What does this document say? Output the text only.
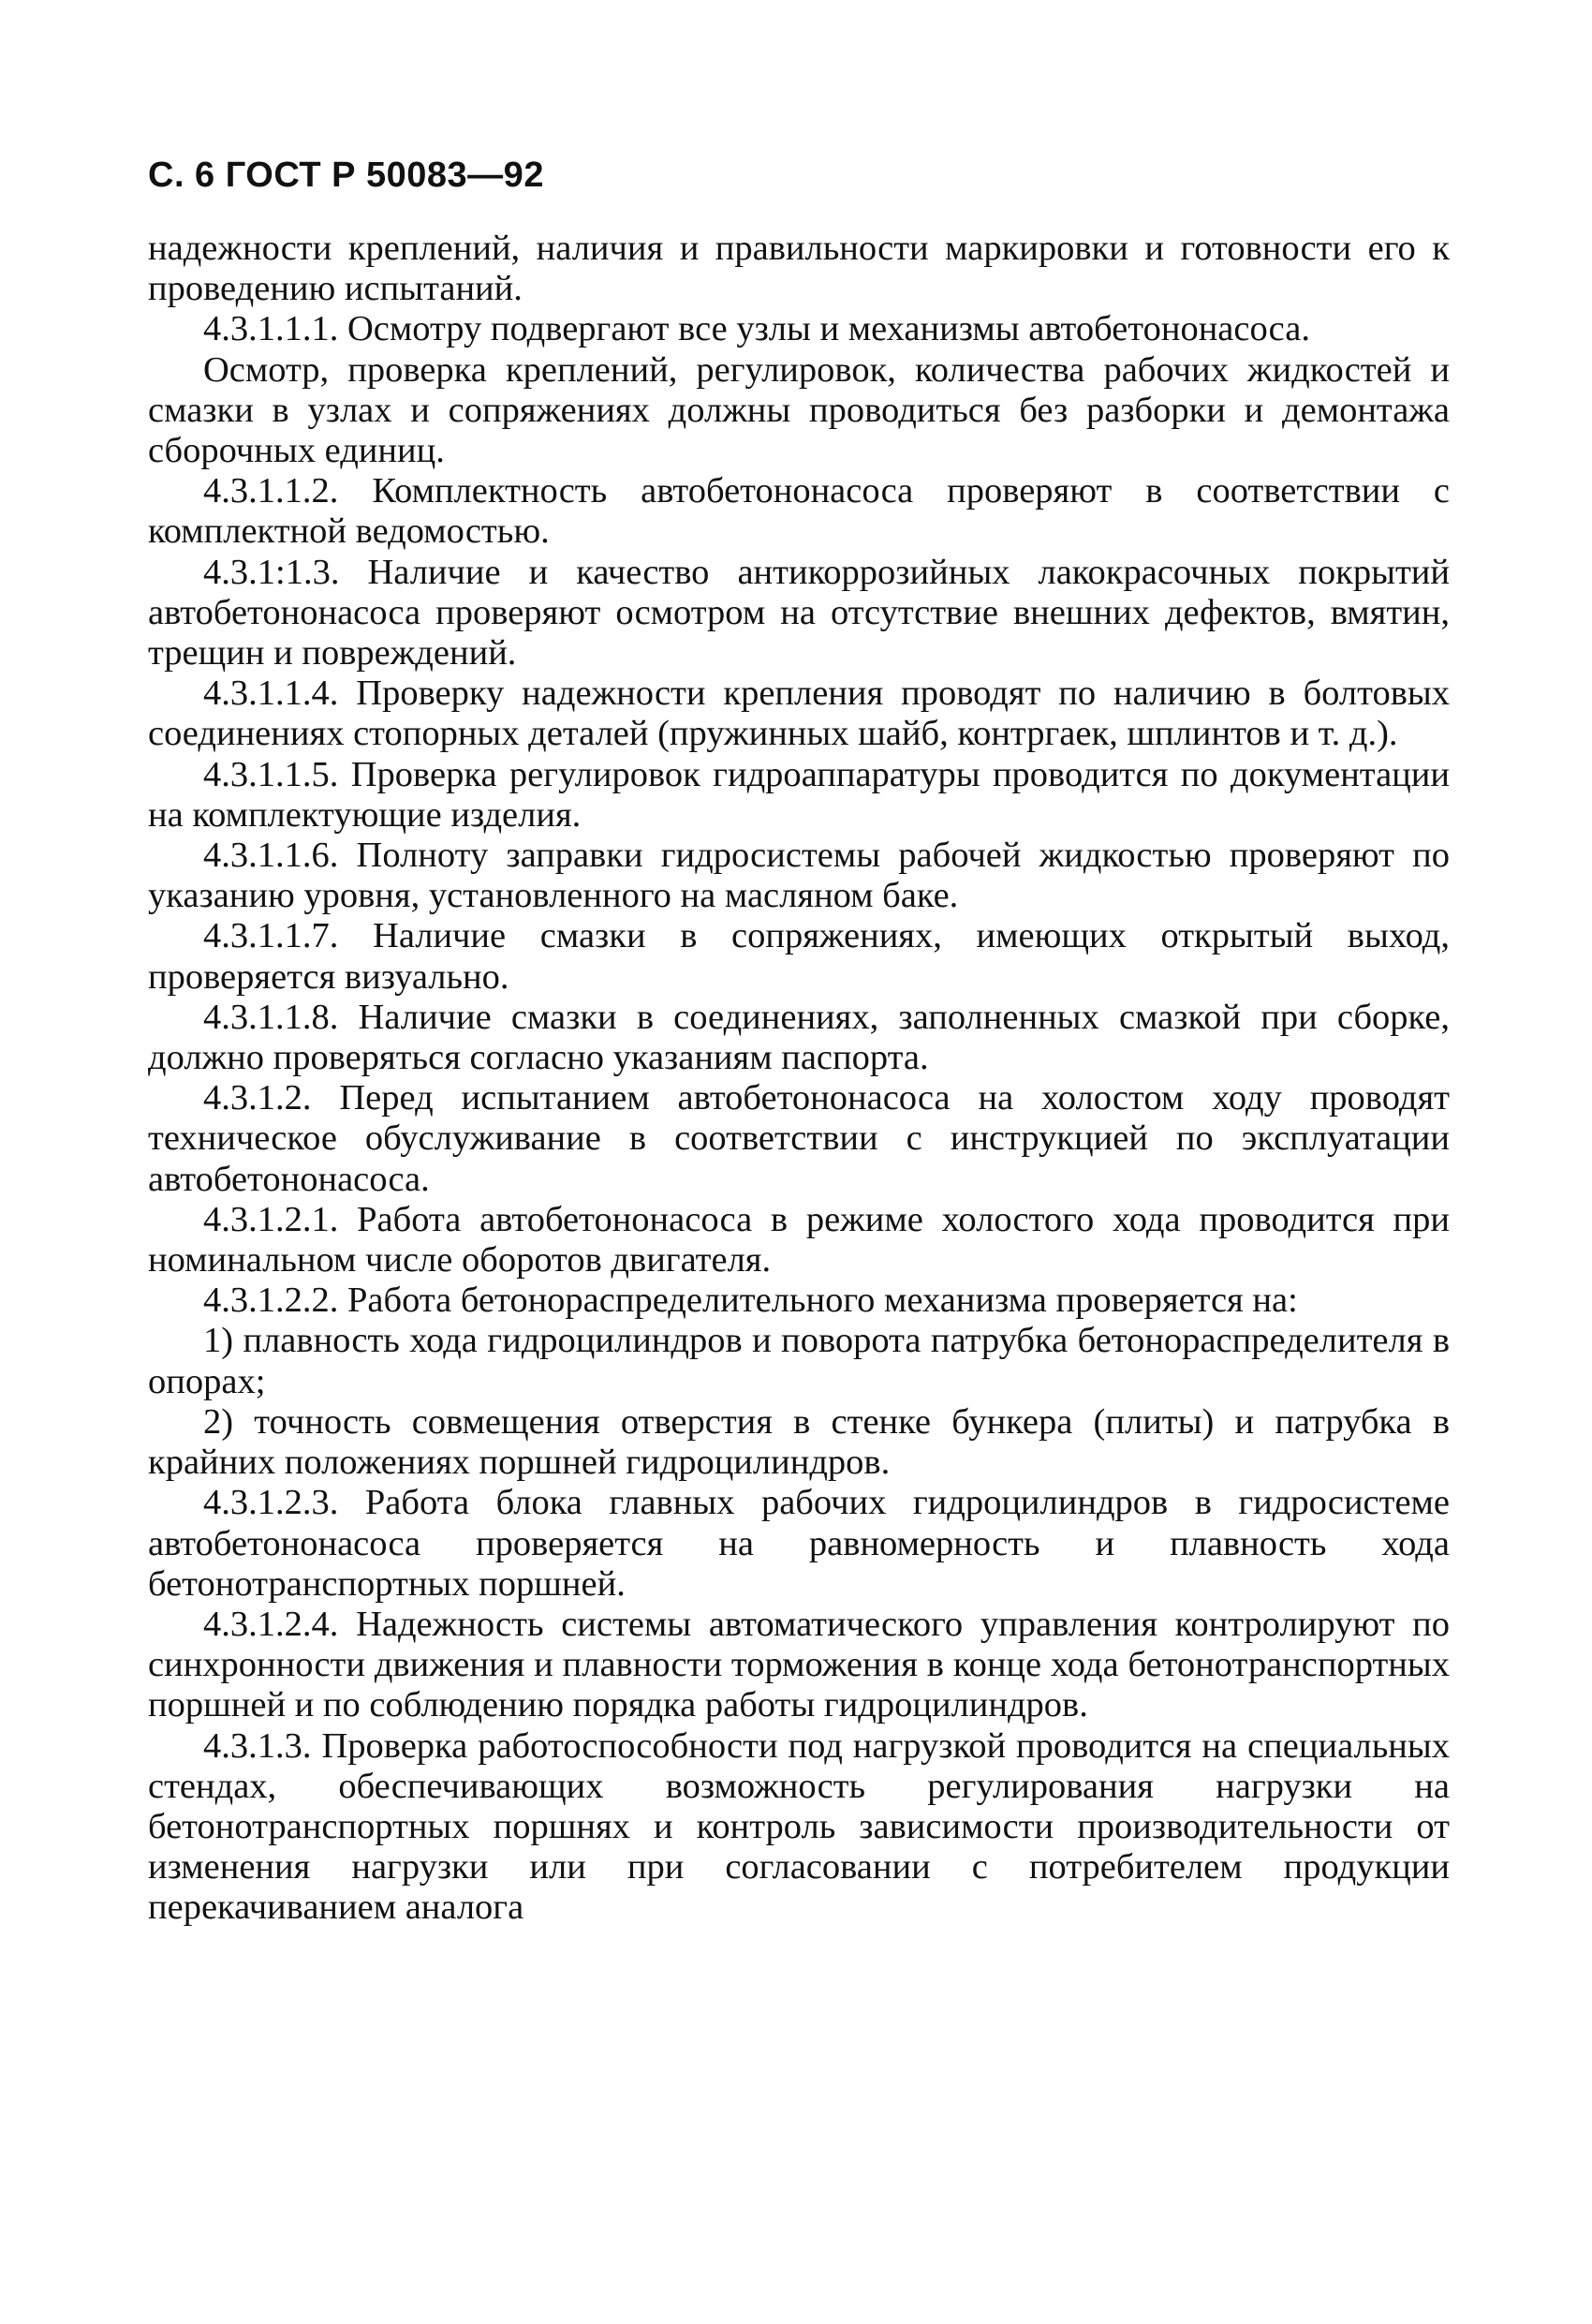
С. 6 ГОСТ Р 50083—92

надежности креплений, наличия и правильности маркировки и готовности его к проведению испытаний.

4.3.1.1.1. Осмотру подвергают все узлы и механизмы автобетононасоса.

Осмотр, проверка креплений, регулировок, количества рабочих жидкостей и смазки в узлах и сопряжениях должны проводиться без разборки и демонтажа сборочных единиц.

4.3.1.1.2. Комплектность автобетононасоса проверяют в соответствии с комплектной ведомостью.

4.3.1:1.3. Наличие и качество антикоррозийных лакокрасочных покрытий автобетононасоса проверяют осмотром на отсутствие внешних дефектов, вмятин, трещин и повреждений.

4.3.1.1.4. Проверку надежности крепления проводят по наличию в болтовых соединениях стопорных деталей (пружинных шайб, контргаек, шплинтов и т. д.).

4.3.1.1.5. Проверка регулировок гидроаппаратуры проводится по документации на комплектующие изделия.

4.3.1.1.6. Полноту заправки гидросистемы рабочей жидкостью проверяют по указанию уровня, установленного на масляном баке.

4.3.1.1.7. Наличие смазки в сопряжениях, имеющих открытый выход, проверяется визуально.

4.3.1.1.8. Наличие смазки в соединениях, заполненных смазкой при сборке, должно проверяться согласно указаниям паспорта.

4.3.1.2. Перед испытанием автобетононасоса на холостом ходу проводят техническое обуслуживание в соответствии с инструкцией по эксплуатации автобетононасоса.

4.3.1.2.1. Работа автобетононасоса в режиме холостого хода проводится при номинальном числе оборотов двигателя.

4.3.1.2.2. Работа бетонораспределительного механизма проверяется на:

1) плавность хода гидроцилиндров и поворота патрубка бетонораспределителя в опорах;

2) точность совмещения отверстия в стенке бункера (плиты) и патрубка в крайних положениях поршней гидроцилиндров.

4.3.1.2.3. Работа блока главных рабочих гидроцилиндров в гидросистеме автобетононасоса проверяется на равномерность и плавность хода бетонотранспортных поршней.

4.3.1.2.4. Надежность системы автоматического управления контролируют по синхронности движения и плавности торможения в конце хода бетонотранспортных поршней и по соблюдению порядка работы гидроцилиндров.

4.3.1.3. Проверка работоспособности под нагрузкой проводится на специальных стендах, обеспечивающих возможность регулирования нагрузки на бетонотранспортных поршнях и контроль зависимости производительности от изменения нагрузки или при согласовании с потребителем продукции перекачиванием аналога
